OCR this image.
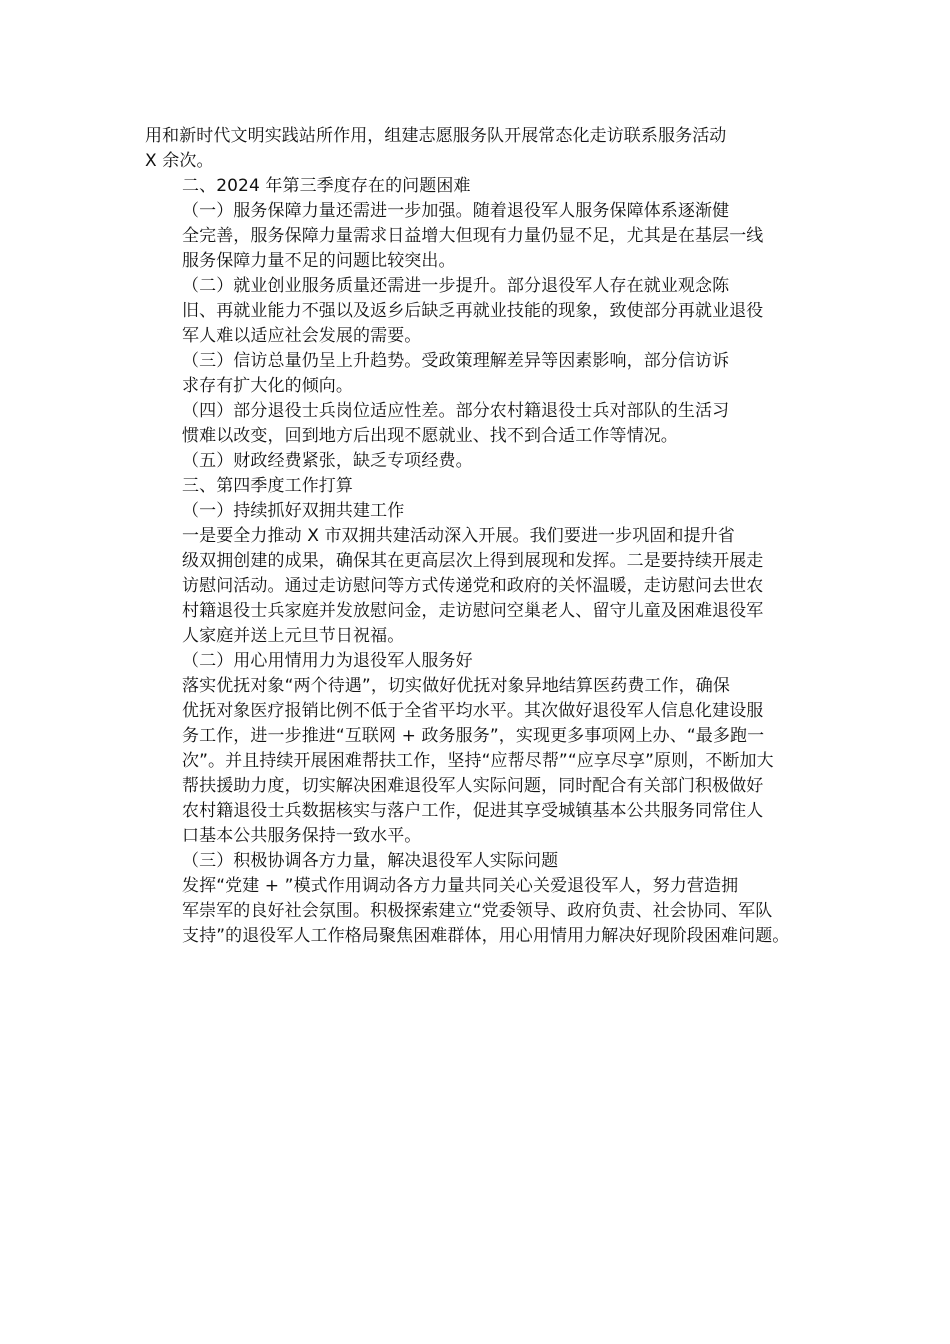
用和新时代文明实践站所作用，组建志愿服务队开展常态化走访联系服务活动
X 余次。

二、2024 年第三季度存在的问题困难

（一）服务保障力量还需进一步加强。随着退役军人服务保障体系逐渐健
全完善，服务保障力量需求日益增大但现有力量仍显不足，尤其是在基层一线
服务保障力量不足的问题比较突出。

（二）就业创业服务质量还需进一步提升。部分退役军人存在就业观念陈
旧、再就业能力不强以及返乡后缺乏再就业技能的现象，致使部分再就业退役
军人难以适应社会发展的需要。

（三）信访总量仍呈上升趋势。受政策理解差异等因素影响，部分信访诉
求存有扩大化的倾向。

（四）部分退役士兵岗位适应性差。部分农村籍退役士兵对部队的生活习
惯难以改变，回到地方后出现不愿就业、找不到合适工作等情况。

（五）财政经费紧张，缺乏专项经费。

三、第四季度工作打算

（一）持续抓好双拥共建工作

一是要全力推动 X 市双拥共建活动深入开展。我们要进一步巩固和提升省
级双拥创建的成果，确保其在更高层次上得到展现和发挥。二是要持续开展走
访慰问活动。通过走访慰问等方式传递党和政府的关怀温暖，走访慰问去世农
村籍退役士兵家庭并发放慰问金，走访慰问空巢老人、留守儿童及困难退役军
人家庭并送上元旦节日祝福。

（二）用心用情用力为退役军人服务好

落实优抚对象“两个待遇”，切实做好优抚对象异地结算医药费工作，确保
优抚对象医疗报销比例不低于全省平均水平。其次做好退役军人信息化建设服
务工作，进一步推进“互联网 + 政务服务”，实现更多事项网上办、“最多跑一
次”。并且持续开展困难帮扶工作，坚持“应帮尽帮”“应享尽享”原则，不断加大
帮扶援助力度，切实解决困难退役军人实际问题，同时配合有关部门积极做好
农村籍退役士兵数据核实与落户工作，促进其享受城镇基本公共服务同常住人
口基本公共服务保持一致水平。

（三）积极协调各方力量，解决退役军人实际问题

发挥“党建 + ”模式作用调动各方力量共同关心关爱退役军人，努力营造拥
军崇军的良好社会氛围。积极探索建立“党委领导、政府负责、社会协同、军队
支持”的退役军人工作格局聚焦困难群体，用心用情用力解决好现阶段困难问题。
